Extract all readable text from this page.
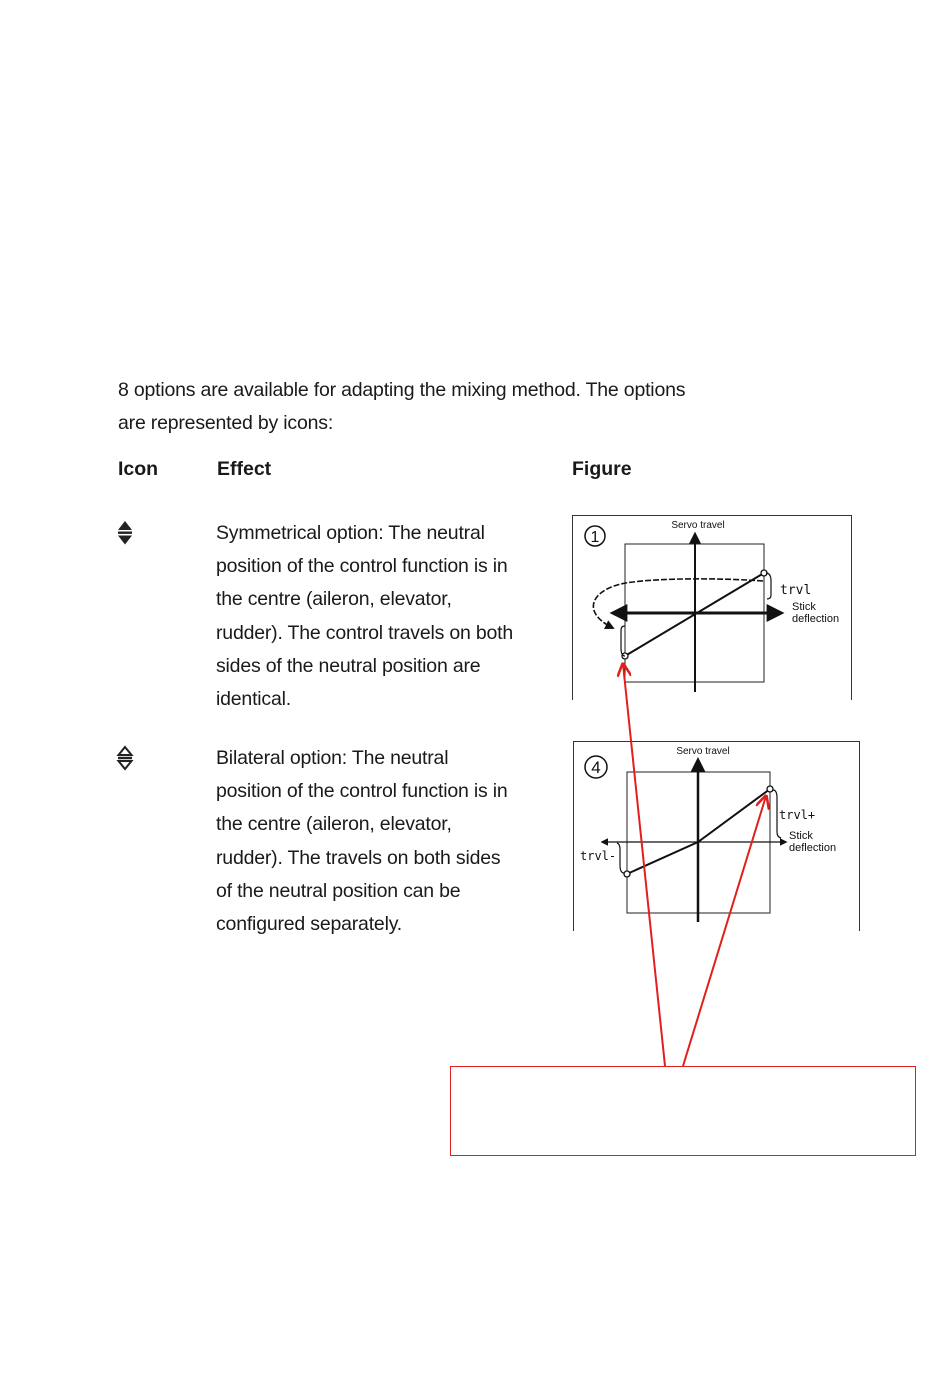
8 options are available for adapting the mixing method. The options

are represented by icons:

Icon	Effect	Figure

Symmetrical option: The neutral

position of the control function is in

the centre (aileron, elevator,

rudder). The control travels on both

sides of the neutral position are

identical.

1
Servo travel
trvl
Stick
deflection

Bilateral option: The neutral

position of the control function is in

the centre (aileron, elevator,

rudder). The travels on both sides

of the neutral position can be

configured separately.

4
Servo travel
trvl+
trvl-
Stick
deflection
